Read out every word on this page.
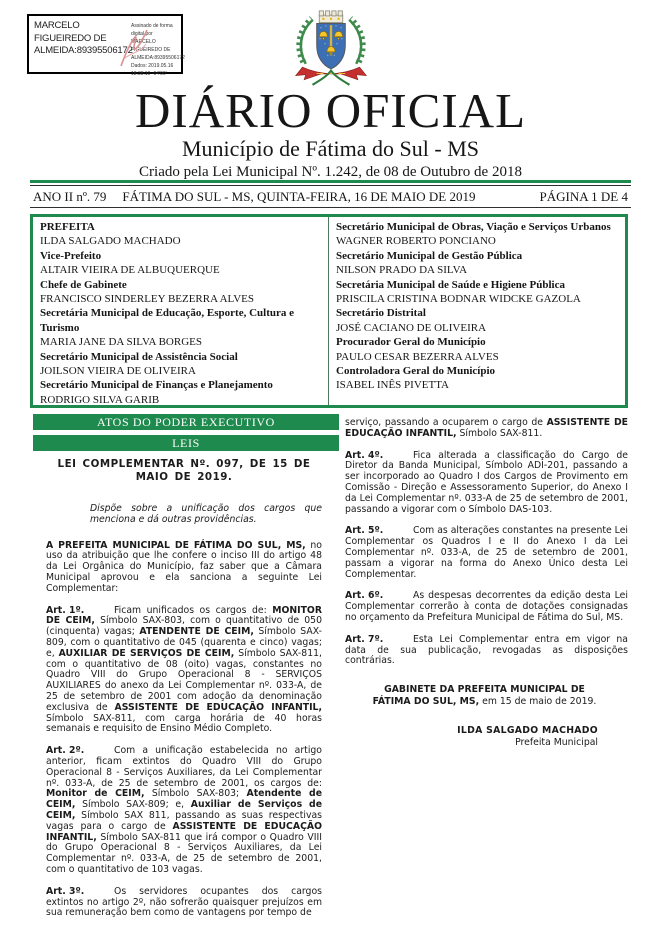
MARCELO FIGUEIREDO DE ALMEIDA:89395506172
Assinado de forma digital por
MARCELO FIGUEIREDO DE
ALMEIDA:89395506172
Dados: 2019.05.16 18:38:10 -04'00'
DIÁRIO OFICIAL
Município de Fátima do Sul - MS
Criado pela Lei Municipal Nº. 1.242, de 08 de Outubro de 2018
ANO II nº. 79 FÁTIMA DO SUL - MS, QUINTA-FEIRA, 16 DE MAIO DE 2019	PÁGINA 1 DE 4
PREFEITA
ILDA SALGADO MACHADO
Vice-Prefeito
ALTAIR VIEIRA DE ALBUQUERQUE
Chefe de Gabinete
FRANCISCO SINDERLEY BEZERRA ALVES
Secretária Municipal de Educação, Esporte, Cultura e Turismo
MARIA JANE DA SILVA BORGES
Secretário Municipal de Assistência Social
JOILSON VIEIRA DE OLIVEIRA
Secretário Municipal de Finanças e Planejamento
RODRIGO SILVA GARIB
Secretário Municipal de Obras, Viação e Serviços Urbanos
WAGNER ROBERTO PONCIANO
Secretário Municipal de Gestão Pública
NILSON PRADO DA SILVA
Secretária Municipal de Saúde e Higiene Pública
PRISCILA CRISTINA BODNAR WIDCKE GAZOLA
Secretário Distrital
JOSÉ CACIANO DE OLIVEIRA
Procurador Geral do Município
PAULO CESAR BEZERRA ALVES
Controladora Geral do Município
ISABEL INÊS PIVETTA
ATOS DO PODER EXECUTIVO
LEIS
LEI COMPLEMENTAR Nº. 097, DE 15 DE MAIO DE 2019.
Dispõe sobre a unificação dos cargos que menciona e dá outras providências.

A PREFEITA MUNICIPAL DE FÁTIMA DO SUL, MS, no uso da atribuição que lhe confere o inciso III do artigo 48 da Lei Orgânica do Município, faz saber que a Câmara Municipal aprovou e ela sanciona a seguinte Lei Complementar:

Art. 1º.	Ficam unificados os cargos de: MONITOR DE CEIM, Símbolo SAX-803, com o quantitativo de 050 (cinquenta) vagas; ATENDENTE DE CEIM, Símbolo SAX-809, com o quantitativo de 045 (quarenta e cinco) vagas; e, AUXILIAR DE SERVIÇOS DE CEIM, Símbolo SAX-811, com o quantitativo de 08 (oito) vagas, constantes no Quadro VIII do Grupo Operacional 8 - SERVIÇOS AUXILIARES do anexo da Lei Complementar nº. 033-A, de 25 de setembro de 2001 com adoção da denominação exclusiva de ASSISTENTE DE EDUCAÇÃO INFANTIL, Símbolo SAX-811, com carga horária de 40 horas semanais e requisito de Ensino Médio Completo.

Art. 2º.	Com a unificação estabelecida no artigo anterior, ficam extintos do Quadro VIII do Grupo Operacional 8 - Serviços Auxiliares, da Lei Complementar nº. 033-A, de 25 de setembro de 2001, os cargos de: Monitor de CEIM, Símbolo SAX-803; Atendente de CEIM, Símbolo SAX-809; e, Auxiliar de Serviços de CEIM, Símbolo SAX 811, passando as suas respectivas vagas para o cargo de ASSISTENTE DE EDUCAÇÃO INFANTIL, Símbolo SAX-811 que irá compor o Quadro VIII do Grupo Operacional 8 - Serviços Auxiliares, da Lei Complementar nº. 033-A, de 25 de setembro de 2001, com o quantitativo de 103 vagas.

Art. 3º.	Os servidores ocupantes dos cargos extintos no artigo 2º, não sofrerão quaisquer prejuízos em sua remuneração bem como de vantagens por tempo de

serviço, passando a ocuparem o cargo de ASSISTENTE DE EDUCAÇÃO INFANTIL, Símbolo SAX-811.

Art. 4º.	Fica alterada a classificação do Cargo de Diretor da Banda Municipal, Símbolo ADI-201, passando a ser incorporado ao Quadro I dos Cargos de Provimento em Comissão - Direção e Assessoramento Superior, do Anexo I da Lei Complementar nº. 033-A de 25 de setembro de 2001, passando a vigorar com o Símbolo DAS-103.

Art. 5º.	Com as alterações constantes na presente Lei Complementar os Quadros I e II do Anexo I da Lei Complementar nº. 033-A, de 25 de setembro de 2001, passam a vigorar na forma do Anexo Único desta Lei Complementar.

Art. 6º.	As despesas decorrentes da edição desta Lei Complementar correrão à conta de dotações consignadas no orçamento da Prefeitura Municipal de Fátima do Sul, MS.

Art. 7º.	Esta Lei Complementar entra em vigor na data de sua publicação, revogadas as disposições contrárias.

GABINETE DA PREFEITA MUNICIPAL DE FÁTIMA DO SUL, MS, em 15 de maio de 2019.

ILDA SALGADO MACHADO
Prefeita Municipal
